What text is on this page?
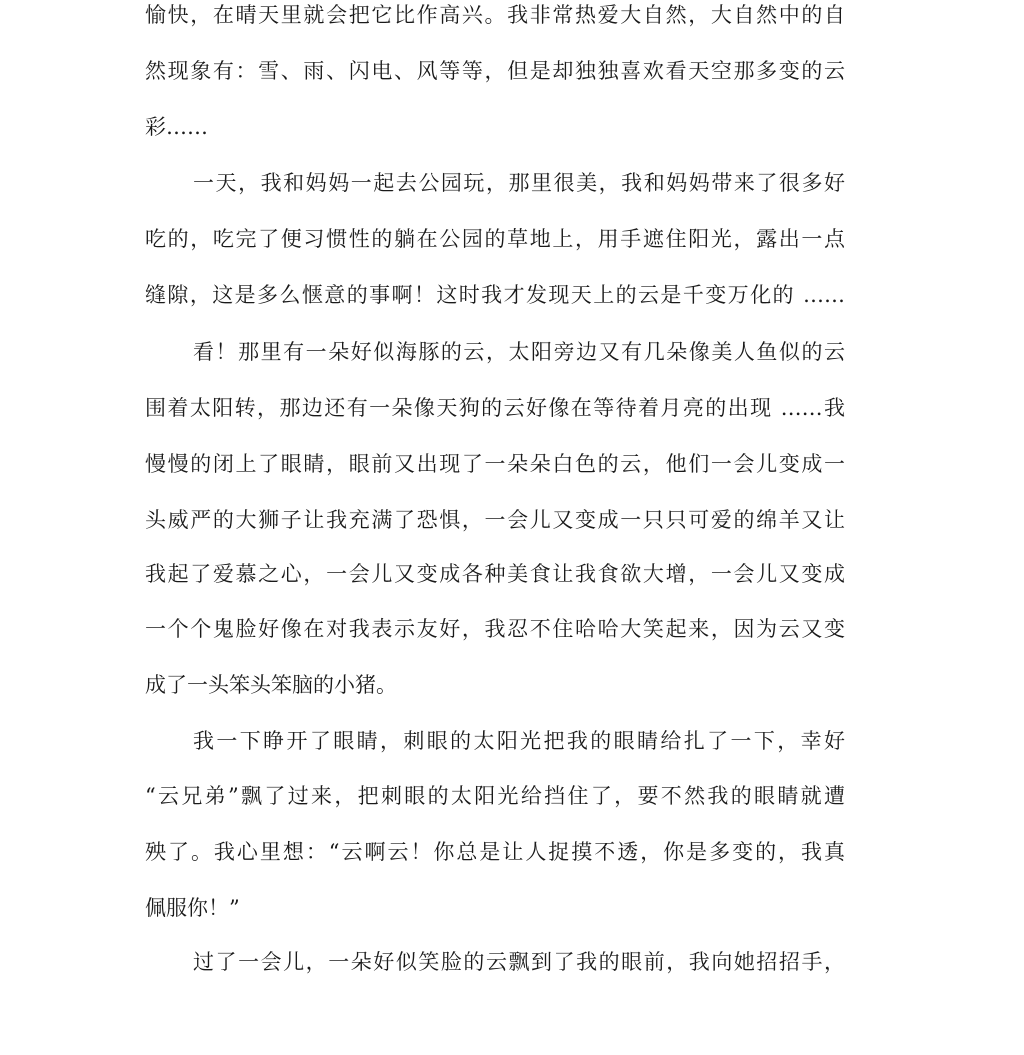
愉快，在晴天里就会把它比作高兴。我非常热爱大自然，大自然中的自
然现象有：雪、雨、闪电、风等等，但是却独独喜欢看天空那多变的云
彩……
一天，我和妈妈一起去公园玩，那里很美，我和妈妈带来了很多好
吃的，吃完了便习惯性的躺在公园的草地上，用手遮住阳光，露出一点
缝隙，这是多么惬意的事啊！这时我才发现天上的云是千变万化的 ……
看！那里有一朵好似海豚的云，太阳旁边又有几朵像美人鱼似的云
围着太阳转，那边还有一朵像天狗的云好像在等待着月亮的出现 ……我
慢慢的闭上了眼睛，眼前又出现了一朵朵白色的云，他们一会儿变成一
头威严的大狮子让我充满了恐惧，一会儿又变成一只只可爱的绵羊又让
我起了爱慕之心，一会儿又变成各种美食让我食欲大增，一会儿又变成
一个个鬼脸好像在对我表示友好，我忍不住哈哈大笑起来，因为云又变
成了一头笨头笨脑的小猪。
我一下睁开了眼睛，刺眼的太阳光把我的眼睛给扎了一下，幸好
“云兄弟”飘了过来，把刺眼的太阳光给挡住了，要不然我的眼睛就遭
殃了。我心里想：“云啊云！你总是让人捉摸不透，你是多变的，我真
佩服你！”
过了一会儿，一朵好似笑脸的云飘到了我的眼前，我向她招招手，
